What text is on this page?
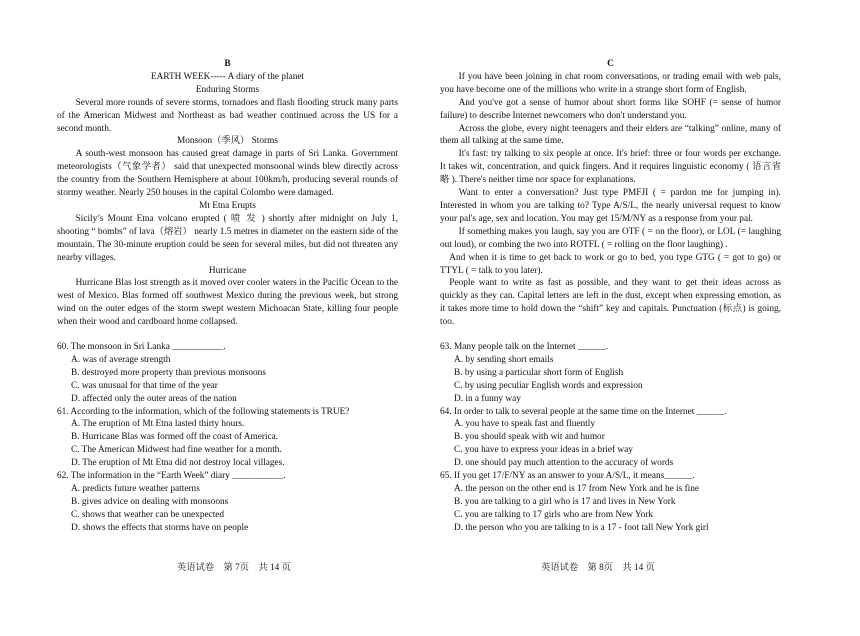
B

EARTH WEEK----- A diary of the planet

Enduring Storms

Several more rounds of severe storms, tornadoes and flash flooding struck many parts of the American Midwest and Northeast as bad weather continued across the US for a second month.

Monsoon（季风） Storms

A south-west monsoon has caused great damage in parts of Sri Lanka. Government meteorologists（气象学者） said that unexpected monsoonal winds blew directly across the country from the Southern Hemisphere at about 100km/h, producing several rounds of stormy weather. Nearly 250 houses in the capital Colombo were damaged.

Mt Etna Erupts

Sicily’s Mount Etna volcano erupted ( 喷 发 ) shortly after midnight on July 1, shooting “ bombs” of lava（熔岩） nearly 1.5 metres in diameter on the eastern side of the mountain. The 30-minute eruption could be seen for several miles, but did not threaten any nearby villages.

Hurricane

Hurricane Blas lost strength as it moved over cooler waters in the Pacific Ocean to the west of Mexico. Blas formed off southwest Mexico during the previous week, but strong wind on the outer edges of the storm swept western Michoacan State, killing four people when their wood and cardboard home collapsed.

60. The monsoon in Sri Lanka ___________.

A. was of average strength

B. destroyed more property than previous monsoons

C. was unusual for that time of the year

D. affected only the outer areas of the nation

61. According to the information, which of the following statements is TRUE?

A. The eruption of Mt Etna lasted thirty hours.

B. Hurricane Blas was formed off the coast of America.

C. The American Midwest had fine weather for a month.

D. The eruption of Mt Etna did not destroy local villages.

62. The information in the “Earth Week” diary ___________.

A. predicts future weather patterns

B. gives advice on dealing with monsoons

C. shows that weather can be unexpected

D. shows the effects that storms have on people

英语试卷　第 7页　共 14 页

C

If you have been joining in chat room conversations, or trading email with web pals, you have become one of the millions who write in a strange short form of English.

And you've got a sense of humor about short forms like SOHF (= sense of humor failure) to describe Internet newcomers who don't understand you.

Across the globe, every night teenagers and their elders are “talking” online, many of them all talking at the same time.

It's fast: try talking to six people at once. It's brief: three or four words per exchange. It takes wit, concentration, and quick fingers. And it requires linguistic economy ( 语言省略 ). There's neither time nor space for explanations.

Want to enter a conversation? Just type PMFJI ( = pardon me for jumping in). Interested in whom you are talking to? Type A/S/L, the nearly universal request to know your pal's age, sex and location. You may get 15/M/NY as a response from your pal.

If something makes you laugh, say you are OTF ( = on the floor), or LOL (= laughing out loud), or combing the two into ROTFL ( = rolling on the floor laughing) .

And when it is time to get back to work or go to bed, you type GTG ( = got to go) or TTYL ( = talk to you later).

People want to write as fast as possible, and they want to get their ideas across as quickly as they can. Capital letters are left in the dust, except when expressing emotion, as it takes more time to hold down the “shift” key and capitals. Punctuation (标点) is going, too.

63. Many people talk on the Internet ______.

A. by sending short emails

B. by using a particular short form of English

C. by using peculiar English words and expression

D. in a funny way

64. In order to talk to several people at the same time on the Internet ______.

A. you have to speak fast and fluently

B. you should speak with wit and humor

C. you have to express your ideas in a brief way

D. one should pay much attention to the accuracy of words

65. If you get 17/F/NY as an answer to your A/S/L, it means______.

A. the person on the other end is 17 from New York and he is fine

B. you are talking to a girl who is 17 and lives in New York

C. you are talking to 17 girls who are from New York

D. the person who you are talking to is a 17 - foot tall New York girl

英语试卷　第 8页　共 14 页
